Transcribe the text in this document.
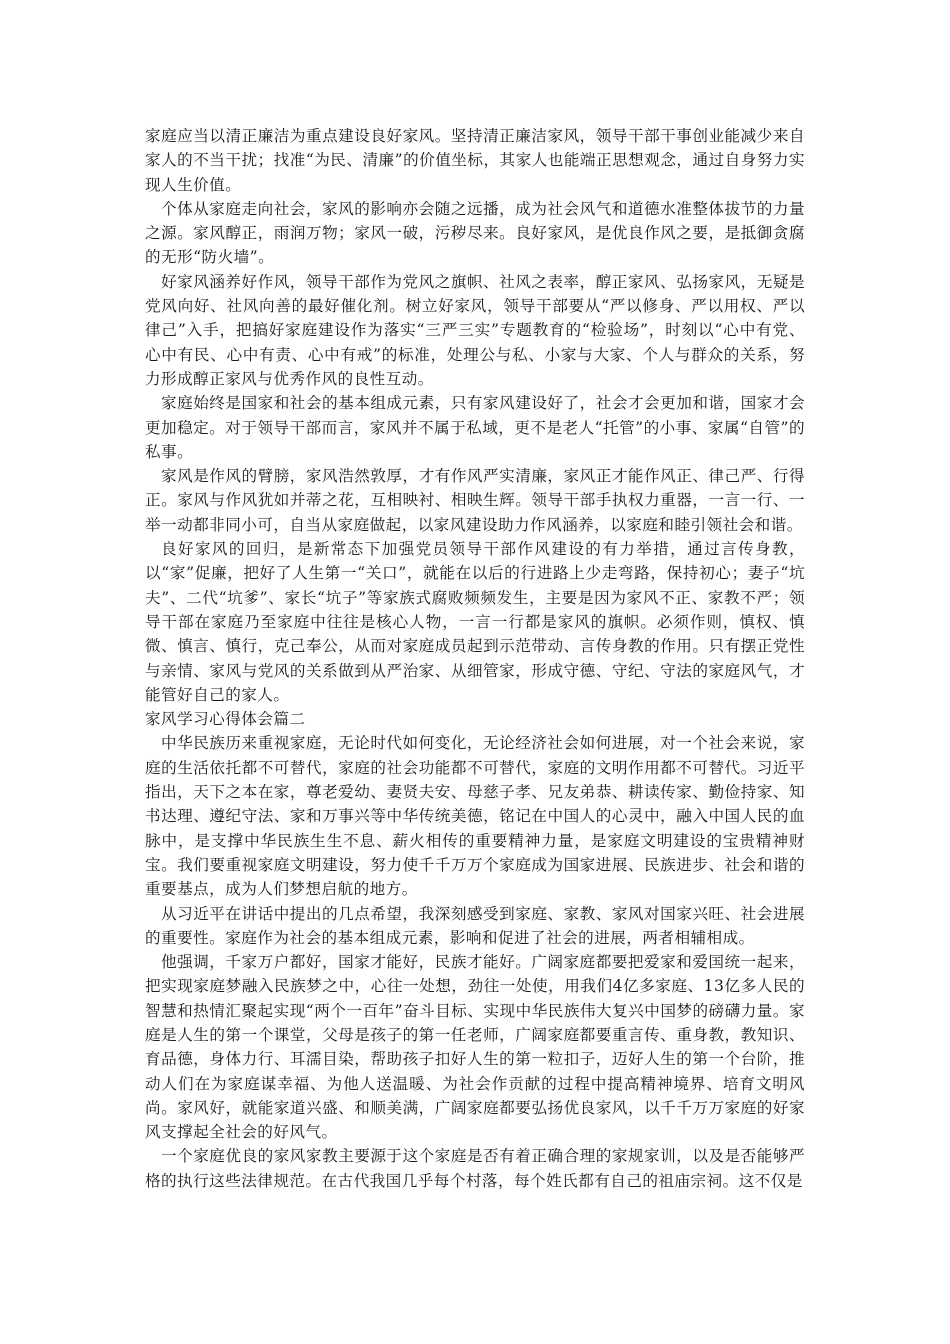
家庭应当以清正廉洁为重点建设良好家风。坚持清正廉洁家风，领导干部干事创业能减少来自家人的不当干扰；找准“为民、清廉”的价值坐标，其家人也能端正思想观念，通过自身努力实现人生价值。

个体从家庭走向社会，家风的影响亦会随之远播，成为社会风气和道德水准整体拔节的力量之源。家风醇正，雨润万物；家风一破，污秽尽来。良好家风，是优良作风之要，是抵御贪腐的无形“防火墙”。

好家风涵养好作风，领导干部作为党风之旗帜、社风之表率，醇正家风、弘扬家风，无疑是党风向好、社风向善的最好催化剂。树立好家风，领导干部要从“严以修身、严以用权、严以律己”入手，把搞好家庭建设作为落实“三严三实”专题教育的“检验场”，时刻以“心中有党、心中有民、心中有责、心中有戒”的标准，处理公与私、小家与大家、个人与群众的关系，努力形成醇正家风与优秀作风的良性互动。

家庭始终是国家和社会的基本组成元素，只有家风建设好了，社会才会更加和谐，国家才会更加稳定。对于领导干部而言，家风并不属于私域，更不是老人“托管”的小事、家属“自管”的私事。

家风是作风的臂膀，家风浩然敦厚，才有作风严实清廉，家风正才能作风正、律己严、行得正。家风与作风犹如并蒂之花，互相映衬、相映生辉。领导干部手执权力重器，一言一行、一举一动都非同小可，自当从家庭做起，以家风建设助力作风涵养，以家庭和睦引领社会和谐。

良好家风的回归，是新常态下加强党员领导干部作风建设的有力举措，通过言传身教，以“家”促廉，把好了人生第一“关口”，就能在以后的行进路上少走弯路，保持初心；妻子“坑夫”、二代“坑爹”、家长“坑子”等家族式腐败频频发生，主要是因为家风不正、家教不严；领导干部在家庭乃至家庭中往往是核心人物，一言一行都是家风的旗帜。必须作则，慎权、慎微、慎言、慎行，克己奉公，从而对家庭成员起到示范带动、言传身教的作用。只有摆正党性与亲情、家风与党风的关系做到从严治家、从细管家，形成守德、守纪、守法的家庭风气，才能管好自己的家人。

家风学习心得体会篇二

中华民族历来重视家庭，无论时代如何变化，无论经济社会如何进展，对一个社会来说，家庭的生活依托都不可替代，家庭的社会功能都不可替代，家庭的文明作用都不可替代。习近平指出，天下之本在家，尊老爱幼、妻贤夫安、母慈子孝、兄友弟恭、耕读传家、勤俭持家、知书达理、遵纪守法、家和万事兴等中华传统美德，铭记在中国人的心灵中，融入中国人民的血脉中，是支撑中华民族生生不息、薪火相传的重要精神力量，是家庭文明建设的宝贵精神财宝。我们要重视家庭文明建设，努力使千千万万个家庭成为国家进展、民族进步、社会和谐的重要基点，成为人们梦想启航的地方。

从习近平在讲话中提出的几点希望，我深刻感受到家庭、家教、家风对国家兴旺、社会进展的重要性。家庭作为社会的基本组成元素，影响和促进了社会的进展，两者相辅相成。

他强调，千家万户都好，国家才能好，民族才能好。广阔家庭都要把爱家和爱国统一起来，把实现家庭梦融入民族梦之中，心往一处想，劲往一处使，用我们4亿多家庭、13亿多人民的智慧和热情汇聚起实现“两个一百年”奋斗目标、实现中华民族伟大复兴中国梦的磅礴力量。家庭是人生的第一个课堂，父母是孩子的第一任老师，广阔家庭都要重言传、重身教，教知识、育品德，身体力行、耳濡目染，帮助孩子扣好人生的第一粒扣子，迈好人生的第一个台阶，推动人们在为家庭谋幸福、为他人送温暖、为社会作贡献的过程中提高精神境界、培育文明风尚。家风好，就能家道兴盛、和顺美满，广阔家庭都要弘扬优良家风，以千千万万家庭的好家风支撑起全社会的好风气。

一个家庭优良的家风家教主要源于这个家庭是否有着正确合理的家规家训，以及是否能够严格的执行这些法律规范。在古代我国几乎每个村落，每个姓氏都有自己的祖庙宗祠。这不仅是
